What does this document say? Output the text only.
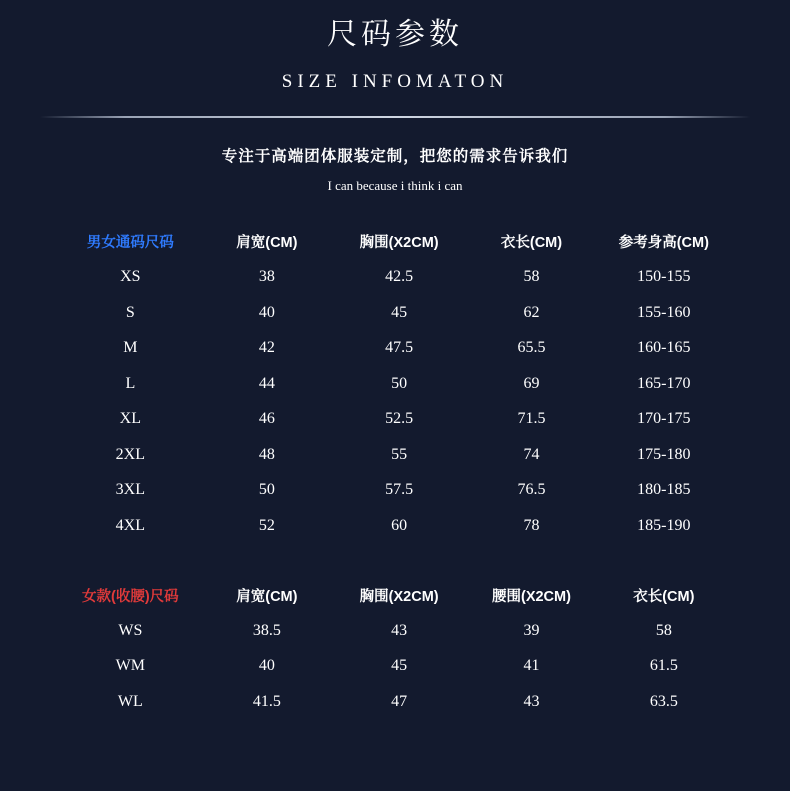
尺码参数
SIZE INFOMATON
专注于高端团体服装定制，把您的需求告诉我们
I can because i think i can
男女通码尺码	肩宽(CM)	胸围(X2CM)	衣长(CM)	参考身高(CM)
XS	38	42.5	58	150-155
S	40	45	62	155-160
M	42	47.5	65.5	160-165
L	44	50	69	165-170
XL	46	52.5	71.5	170-175
2XL	48	55	74	175-180
3XL	50	57.5	76.5	180-185
4XL	52	60	78	185-190
女款(收腰)尺码	肩宽(CM)	胸围(X2CM)	腰围(X2CM)	衣长(CM)
WS	38.5	43	39	58
WM	40	45	41	61.5
WL	41.5	47	43	63.5
